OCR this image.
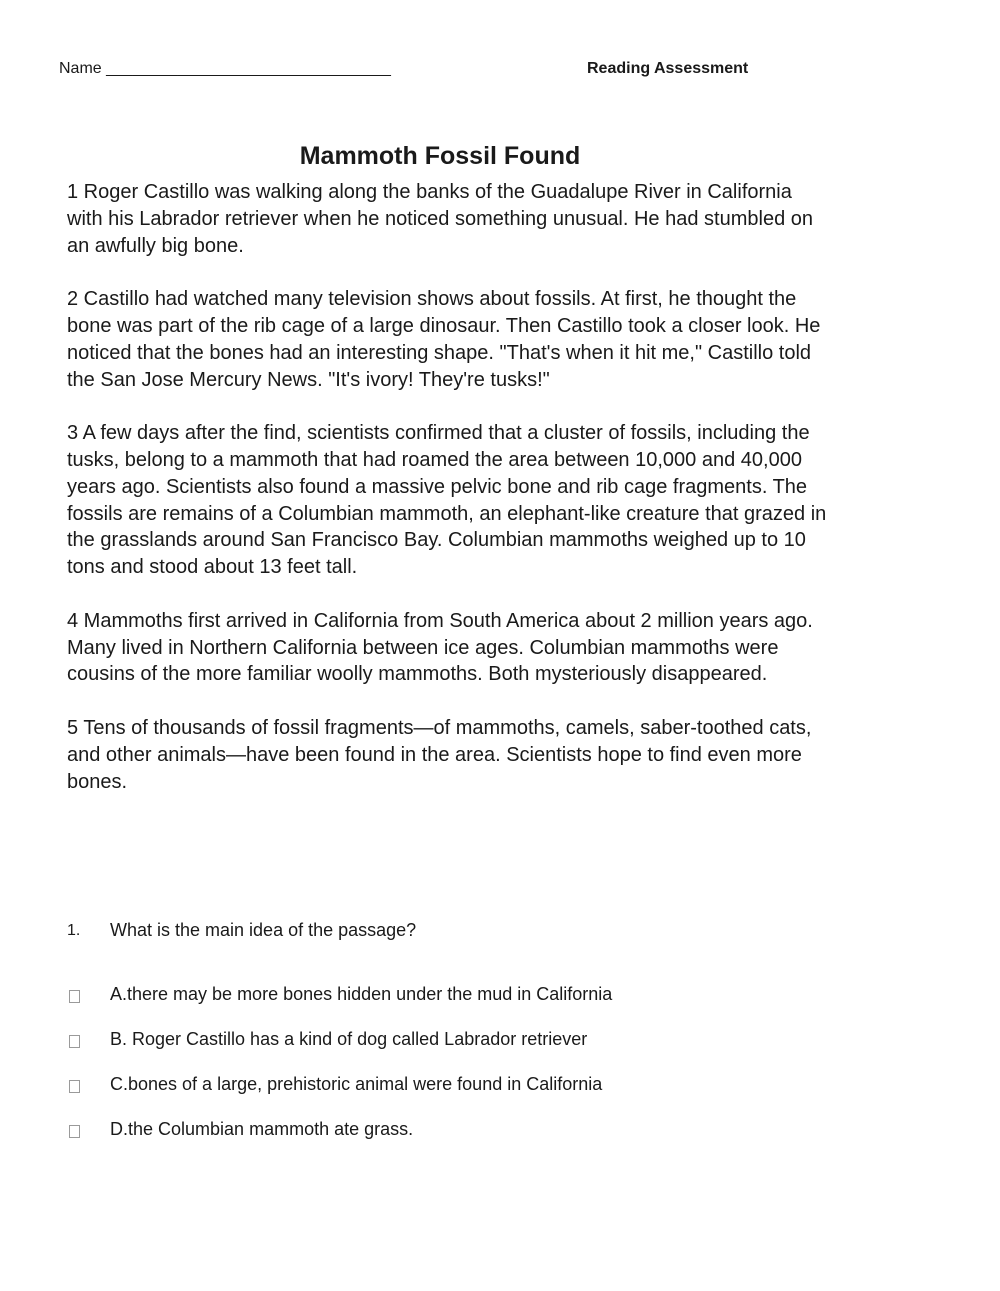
Name ________________________________	Reading Assessment
Mammoth Fossil Found

1 Roger Castillo was walking along the banks of the Guadalupe River in California with his Labrador retriever when he noticed something unusual. He had stumbled on an awfully big bone.

2 Castillo had watched many television shows about fossils. At first, he thought the bone was part of the rib cage of a large dinosaur. Then Castillo took a closer look. He noticed that the bones had an interesting shape. "That's when it hit me," Castillo told the San Jose Mercury News. "It's ivory! They're tusks!"

3 A few days after the find, scientists confirmed that a cluster of fossils, including the tusks, belong to a mammoth that had roamed the area between 10,000 and 40,000 years ago. Scientists also found a massive pelvic bone and rib cage fragments. The fossils are remains of a Columbian mammoth, an elephant-like creature that grazed in the grasslands around San Francisco Bay. Columbian mammoths weighed up to 10 tons and stood about 13 feet tall.

4 Mammoths first arrived in California from South America about 2 million years ago. Many lived in Northern California between ice ages. Columbian mammoths were cousins of the more familiar woolly mammoths. Both mysteriously disappeared.

5 Tens of thousands of fossil fragments—of mammoths, camels, saber-toothed cats, and other animals—have been found in the area. Scientists hope to find even more bones.

1. What is the main idea of the passage?
A.there may be more bones hidden under the mud in California
B. Roger Castillo has a kind of dog called Labrador retriever
C.bones of a large, prehistoric animal were found in California
D.the Columbian mammoth ate grass.
